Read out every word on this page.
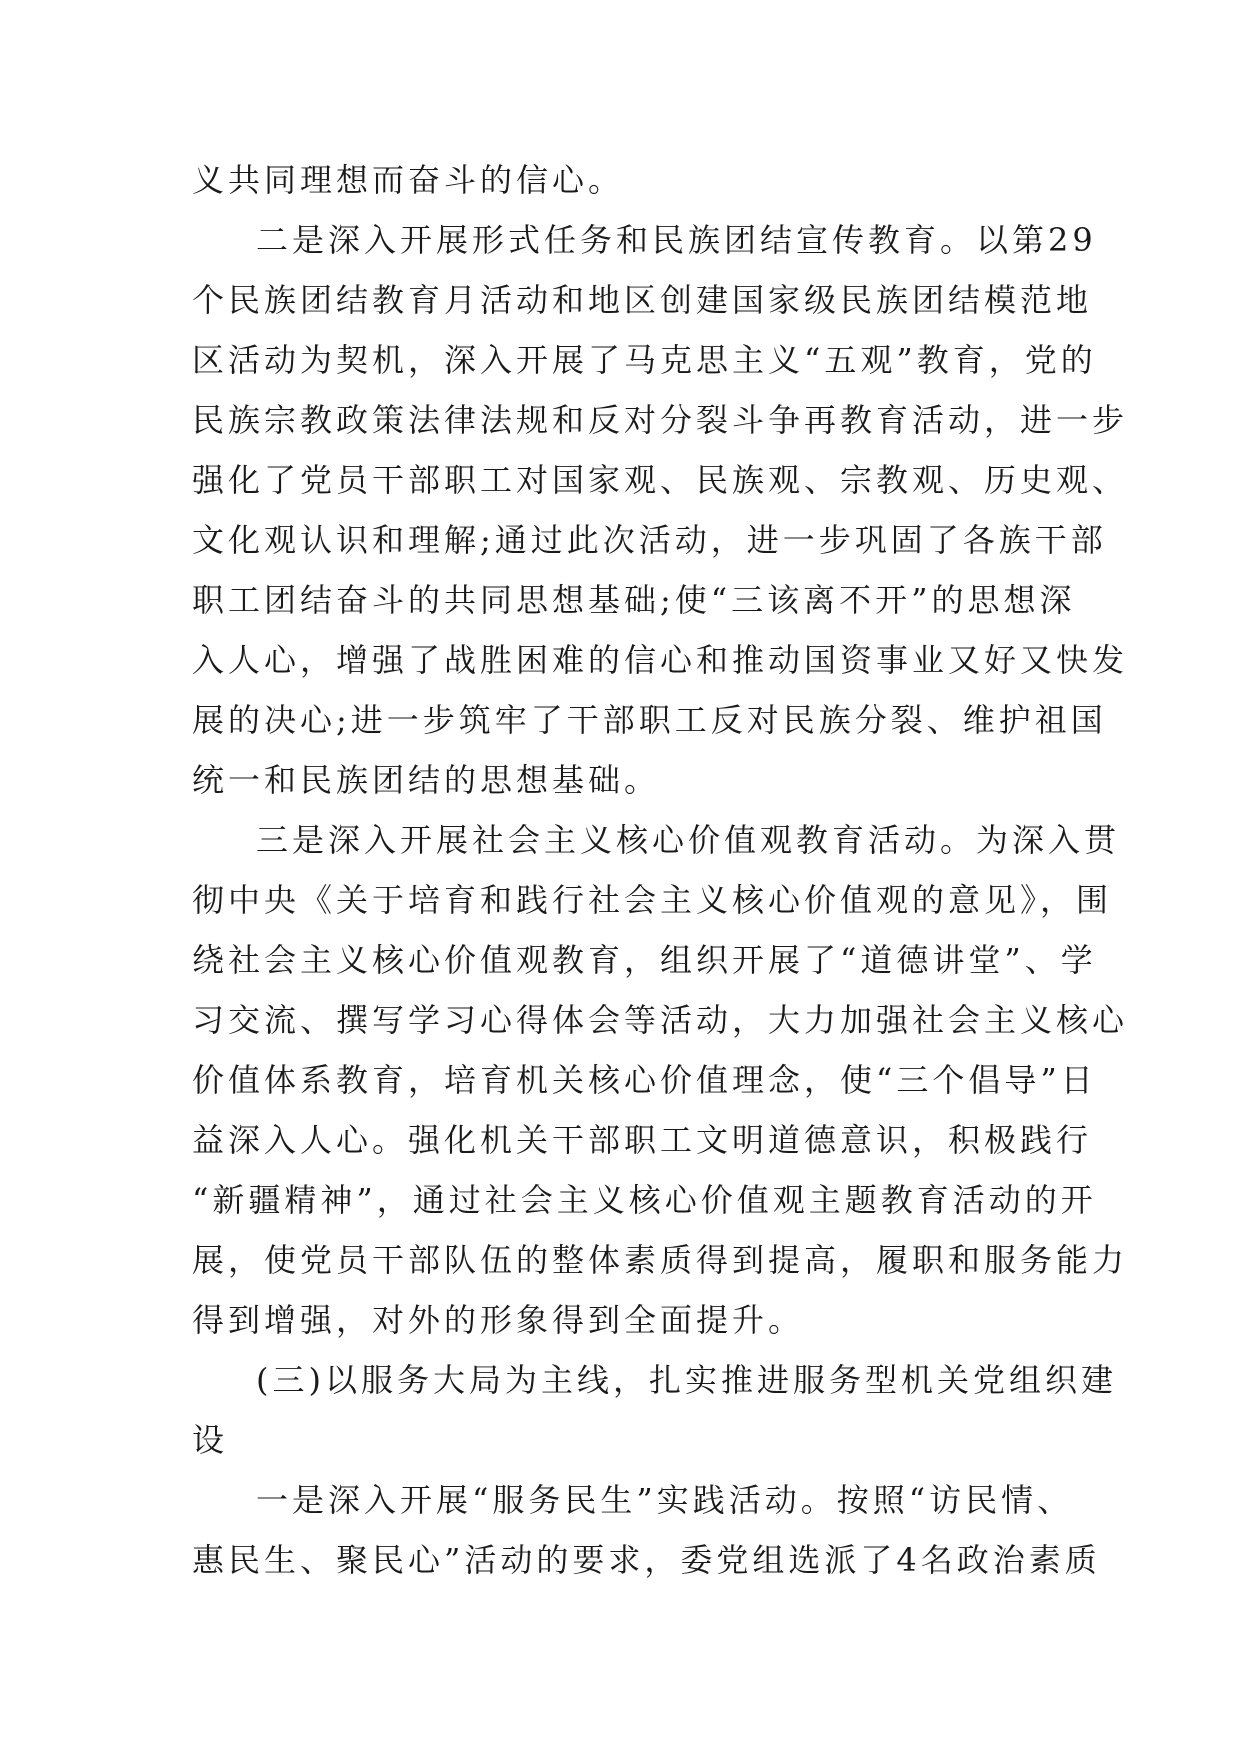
义共同理想而奋斗的信心。
二是深入开展形式任务和民族团结宣传教育。以第29
个民族团结教育月活动和地区创建国家级民族团结模范地
区活动为契机，深入开展了马克思主义“五观”教育，党的
民族宗教政策法律法规和反对分裂斗争再教育活动，进一步
强化了党员干部职工对国家观、民族观、宗教观、历史观、
文化观认识和理解;通过此次活动，进一步巩固了各族干部
职工团结奋斗的共同思想基础;使“三该离不开”的思想深
入人心，增强了战胜困难的信心和推动国资事业又好又快发
展的决心;进一步筑牢了干部职工反对民族分裂、维护祖国
统一和民族团结的思想基础。
三是深入开展社会主义核心价值观教育活动。为深入贯
彻中央《关于培育和践行社会主义核心价值观的意见》，围
绕社会主义核心价值观教育，组织开展了“道德讲堂”、学
习交流、撰写学习心得体会等活动，大力加强社会主义核心
价值体系教育，培育机关核心价值理念，使“三个倡导”日
益深入人心。强化机关干部职工文明道德意识，积极践行
“新疆精神”，通过社会主义核心价值观主题教育活动的开
展，使党员干部队伍的整体素质得到提高，履职和服务能力
得到增强，对外的形象得到全面提升。
(三)以服务大局为主线，扎实推进服务型机关党组织建
设
一是深入开展“服务民生”实践活动。按照“访民情、
惠民生、聚民心”活动的要求，委党组选派了4名政治素质
